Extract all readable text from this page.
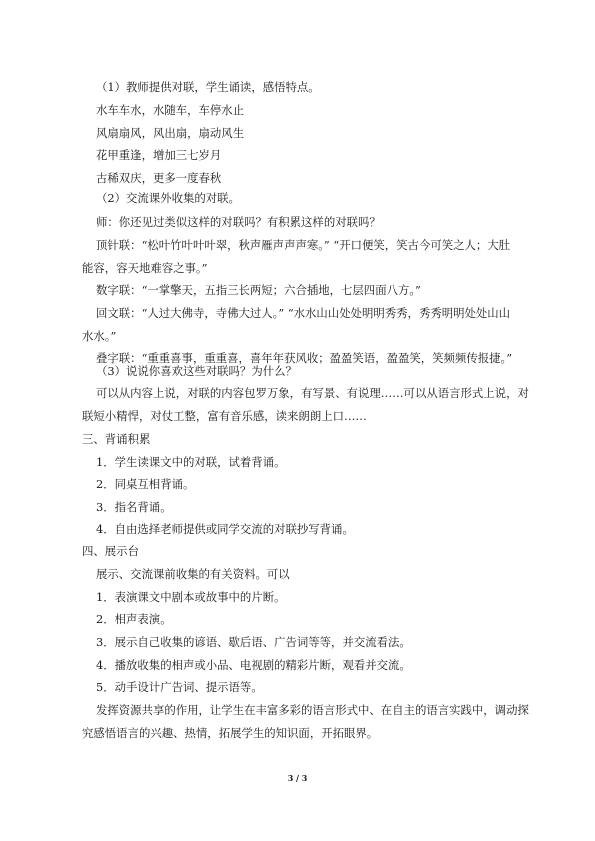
（1）教师提供对联，学生诵读，感悟特点。
水车车水，水随车，车停水止
风扇扇风，风出扇，扇动风生
花甲重逢，增加三七岁月
古稀双庆，更多一度春秋
（2）交流课外收集的对联。
师：你还见过类似这样的对联吗？有积累这样的对联吗？
顶针联：“松叶竹叶叶叶翠，秋声雁声声声寒。” “开口便笑，笑古今可笑之人；大肚
能容，容天地难容之事。”
数字联：“一掌擎天，五指三长两短；六合插地，七层四面八方。”
回文联：“人过大佛寺，寺佛大过人。” “水水山山处处明明秀秀，秀秀明明处处山山
水水。”
叠字联：“重重喜事，重重喜，喜年年获风收；盈盈笑语，盈盈笑，笑频频传报捷。”
（3）说说你喜欢这些对联吗？为什么？
可以从内容上说，对联的内容包罗万象，有写景、有说理……可以从语言形式上说，对
联短小精悍，对仗工整，富有音乐感，读来朗朗上口……
三、背诵积累
1．学生读课文中的对联，试着背诵。
2．同桌互相背诵。
3．指名背诵。
4．自由选择老师提供或同学交流的对联抄写背诵。
四、展示台
展示、交流课前收集的有关资料。可以
1．表演课文中剧本或故事中的片断。
2．相声表演。
3．展示自己收集的谚语、歇后语、广告词等等，并交流看法。
4．播放收集的相声或小品、电视剧的精彩片断，观看并交流。
5．动手设计广告词、提示语等。
发挥资源共享的作用，让学生在丰富多彩的语言形式中、在自主的语言实践中，调动探
究感悟语言的兴趣、热情，拓展学生的知识面，开拓眼界。
3 / 3
